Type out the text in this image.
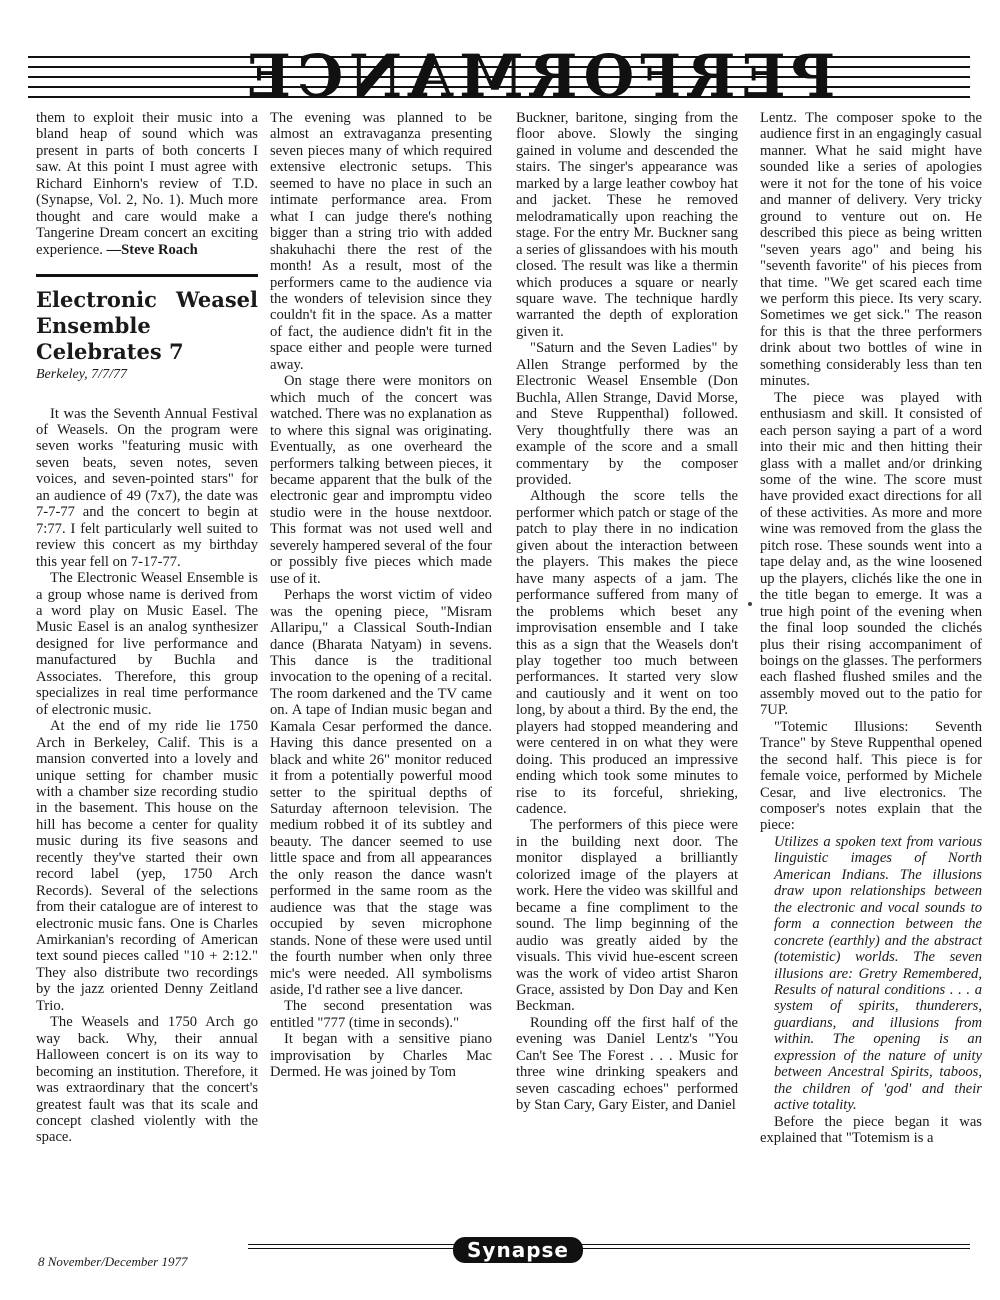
PERFORMANCE

them to exploit their music into a bland heap of sound which was present in parts of both concerts I saw. At this point I must agree with Richard Einhorn's review of T.D. (Synapse, Vol. 2, No. 1). Much more thought and care would make a Tangerine Dream concert an exciting experience. —Steve Roach

Electronic Weasel Ensemble Celebrates 7
Berkeley, 7/7/77

It was the Seventh Annual Festival of Weasels. On the program were seven works "featuring music with seven beats, seven notes, seven voices, and seven-pointed stars" for an audience of 49 (7x7), the date was 7-7-77 and the concert to begin at 7:77. I felt particularly well suited to review this concert as my birthday this year fell on 7-17-77.

The Electronic Weasel Ensemble is a group whose name is derived from a word play on Music Easel. The Music Easel is an analog synthesizer designed for live performance and manufactured by Buchla and Associates. Therefore, this group specializes in real time performance of electronic music.

At the end of my ride lie 1750 Arch in Berkeley, Calif. This is a mansion converted into a lovely and unique setting for chamber music with a chamber size recording studio in the basement. This house on the hill has become a center for quality music during its five seasons and recently they've started their own record label (yep, 1750 Arch Records). Several of the selections from their catalogue are of interest to electronic music fans. One is Charles Amirkanian's recording of American text sound pieces called "10 + 2:12." They also distribute two recordings by the jazz oriented Denny Zeitland Trio.

The Weasels and 1750 Arch go way back. Why, their annual Halloween concert is on its way to becoming an institution. Therefore, it was extraordinary that the concert's greatest fault was that its scale and concept clashed violently with the space.

The evening was planned to be almost an extravaganza presenting seven pieces many of which required extensive electronic setups. This seemed to have no place in such an intimate performance area. From what I can judge there's nothing bigger than a string trio with added shakuhachi there the rest of the month! As a result, most of the performers came to the audience via the wonders of television since they couldn't fit in the space. As a matter of fact, the audience didn't fit in the space either and people were turned away.

On stage there were monitors on which much of the concert was watched. There was no explanation as to where this signal was originating. Eventually, as one overheard the performers talking between pieces, it became apparent that the bulk of the electronic gear and impromptu video studio were in the house nextdoor. This format was not used well and severely hampered several of the four or possibly five pieces which made use of it.

Perhaps the worst victim of video was the opening piece, "Misram Allaripu," a Classical South-Indian dance (Bharata Natyam) in sevens. This dance is the traditional invocation to the opening of a recital. The room darkened and the TV came on. A tape of Indian music began and Kamala Cesar performed the dance. Having this dance presented on a black and white 26" monitor reduced it from a potentially powerful mood setter to the spiritual depths of Saturday afternoon television. The medium robbed it of its subtley and beauty. The dancer seemed to use little space and from all appearances the only reason the dance wasn't performed in the same room as the audience was that the stage was occupied by seven microphone stands. None of these were used until the fourth number when only three mic's were needed. All symbolisms aside, I'd rather see a live dancer.

The second presentation was entitled "777 (time in seconds)."

It began with a sensitive piano improvisation by Charles Mac Dermed. He was joined by Tom

Buckner, baritone, singing from the floor above. Slowly the singing gained in volume and descended the stairs. The singer's appearance was marked by a large leather cowboy hat and jacket. These he removed melodramatically upon reaching the stage. For the entry Mr. Buckner sang a series of glissandoes with his mouth closed. The result was like a thermin which produces a square or nearly square wave. The technique hardly warranted the depth of exploration given it.

"Saturn and the Seven Ladies" by Allen Strange performed by the Electronic Weasel Ensemble (Don Buchla, Allen Strange, David Morse, and Steve Ruppenthal) followed. Very thoughtfully there was an example of the score and a small commentary by the composer provided.

Although the score tells the performer which patch or stage of the patch to play there in no indication given about the interaction between the players. This makes the piece have many aspects of a jam. The performance suffered from many of the problems which beset any improvisation ensemble and I take this as a sign that the Weasels don't play together too much between performances. It started very slow and cautiously and it went on too long, by about a third. By the end, the players had stopped meandering and were centered in on what they were doing. This produced an impressive ending which took some minutes to rise to its forceful, shrieking, cadence.

The performers of this piece were in the building next door. The monitor displayed a brilliantly colorized image of the players at work. Here the video was skillful and became a fine compliment to the sound. The limp beginning of the audio was greatly aided by the visuals. This vivid hue-escent screen was the work of video artist Sharon Grace, assisted by Don Day and Ken Beckman.

Rounding off the first half of the evening was Daniel Lentz's "You Can't See The Forest . . . Music for three wine drinking speakers and seven cascading echoes" performed by Stan Cary, Gary Eister, and Daniel

Lentz. The composer spoke to the audience first in an engagingly casual manner. What he said might have sounded like a series of apologies were it not for the tone of his voice and manner of delivery. Very tricky ground to venture out on. He described this piece as being written "seven years ago" and being his "seventh favorite" of his pieces from that time. "We get scared each time we perform this piece. Its very scary. Sometimes we get sick." The reason for this is that the three performers drink about two bottles of wine in something considerably less than ten minutes.

The piece was played with enthusiasm and skill. It consisted of each person saying a part of a word into their mic and then hitting their glass with a mallet and/or drinking some of the wine. The score must have provided exact directions for all of these activities. As more and more wine was removed from the glass the pitch rose. These sounds went into a tape delay and, as the wine loosened up the players, clichés like the one in the title began to emerge. It was a true high point of the evening when the final loop sounded the clichés plus their rising accompaniment of boings on the glasses. The performers each flashed flushed smiles and the assembly moved out to the patio for 7UP.

"Totemic Illusions: Seventh Trance" by Steve Ruppenthal opened the second half. This piece is for female voice, performed by Michele Cesar, and live electronics. The composer's notes explain that the piece:

Utilizes a spoken text from various linguistic images of North American Indians. The illusions draw upon relationships between the electronic and vocal sounds to form a connection between the concrete (earthly) and the abstract (totemistic) worlds. The seven illusions are: Gretry Remembered, Results of natural conditions . . . a system of spirits, thunderers, guardians, and illusions from within. The opening is an expression of the nature of unity between Ancestral Spirits, taboos, the children of 'god' and their active totality.

Before the piece began it was explained that "Totemism is a

8 November/December 1977	Synapse
